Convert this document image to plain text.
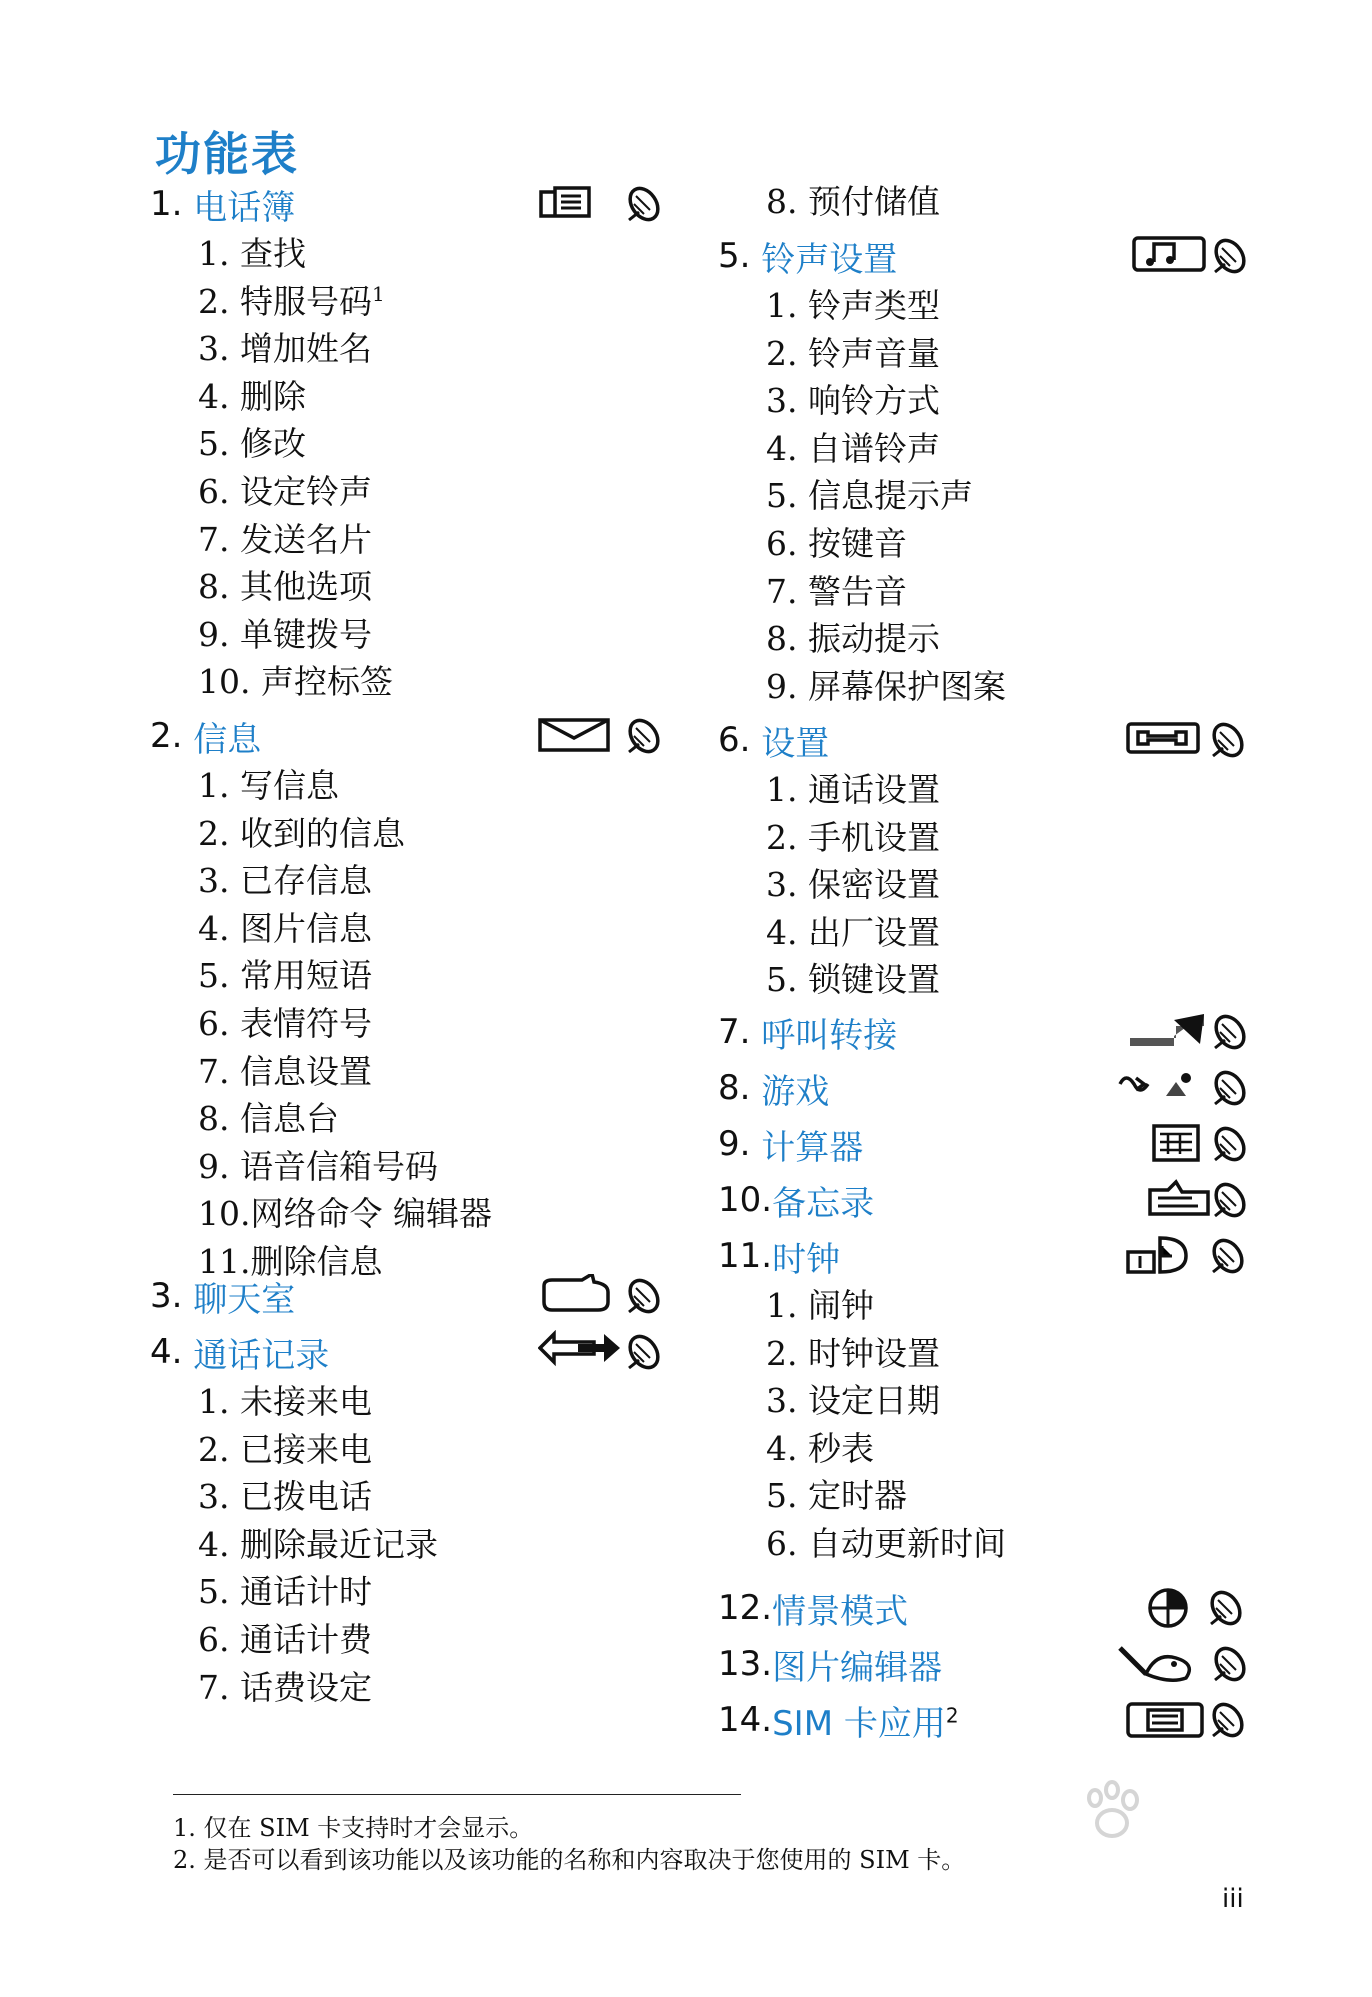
功能表
1. 电话簿
1. 查找
2. 特服号码$^1$
3. 增加姓名
4. 删除
5. 修改
6. 设定铃声
7. 发送名片
8. 其他选项
9. 单键拨号
10. 声控标签
2. 信息
1. 写信息
2. 收到的信息
3. 已存信息
4. 图片信息
5. 常用短语
6. 表情符号
7. 信息设置
8. 信息台
9. 语音信箱号码
10.网络命令 编辑器
11.删除信息
3. 聊天室
4. 通话记录
1. 未接来电
2. 已接来电
3. 已拨电话
4. 删除最近记录
5. 通话计时
6. 通话计费
7. 话费设定
8. 预付储值
5. 铃声设置
1. 铃声类型
2. 铃声音量
3. 响铃方式
4. 自谱铃声
5. 信息提示声
6. 按键音
7. 警告音
8. 振动提示
9. 屏幕保护图案
6. 设置
1. 通话设置
2. 手机设置
3. 保密设置
4. 出厂设置
5. 锁键设置
7. 呼叫转接
8. 游戏
9. 计算器
10. 备忘录
11. 时钟
1. 闹钟
2. 时钟设置
3. 设定日期
4. 秒表
5. 定时器
6. 自动更新时间
12. 情景模式
13. 图片编辑器
14. SIM 卡应用$^2$
1. 仅在 SIM 卡支持时才会显示。
2. 是否可以看到该功能以及该功能的名称和内容取决于您使用的 SIM 卡。
iii
